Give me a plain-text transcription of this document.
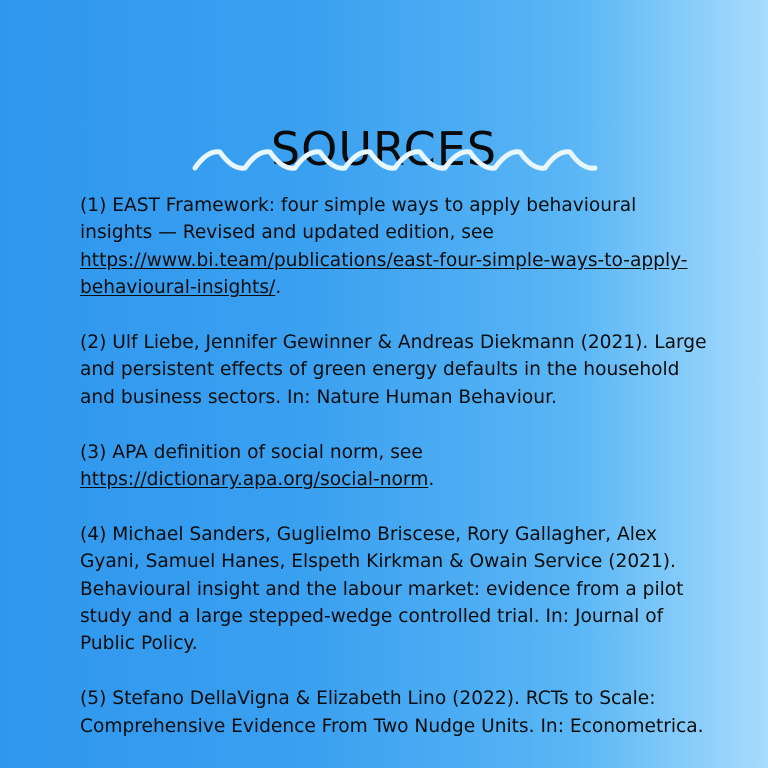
SOURCES

(1) EAST Framework: four simple ways to apply behavioural insights — Revised and updated edition, see https://www.bi.team/publications/east-four-simple-ways-to-apply-behavioural-insights/.

(2) Ulf Liebe, Jennifer Gewinner & Andreas Diekmann (2021). Large and persistent effects of green energy defaults in the household and business sectors. In: Nature Human Behaviour.

(3) APA definition of social norm, see https://dictionary.apa.org/social-norm.

(4) Michael Sanders, Guglielmo Briscese, Rory Gallagher, Alex Gyani, Samuel Hanes, Elspeth Kirkman & Owain Service (2021). Behavioural insight and the labour market: evidence from a pilot study and a large stepped-wedge controlled trial. In: Journal of Public Policy.

(5) Stefano DellaVigna & Elizabeth Lino (2022). RCTs to Scale: Comprehensive Evidence From Two Nudge Units. In: Econometrica.
